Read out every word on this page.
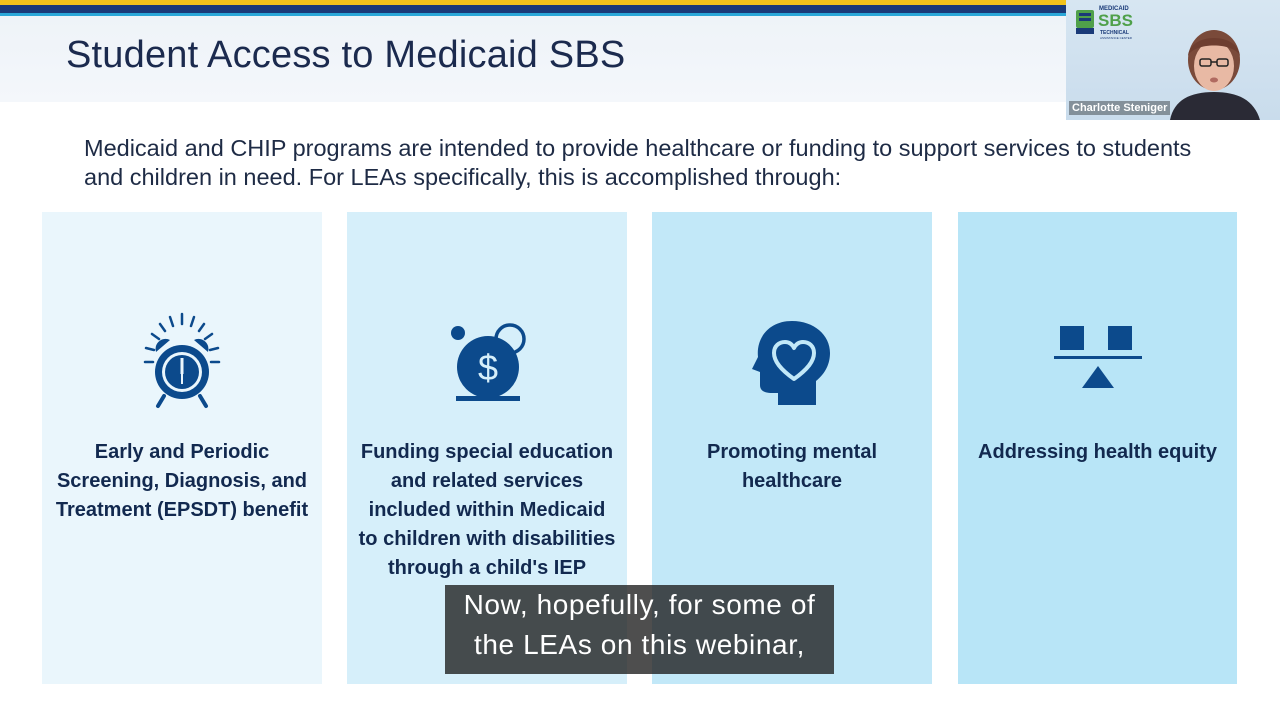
Student Access to Medicaid SBS

Medicaid and CHIP programs are intended to provide healthcare or funding to support services to students and children in need. For LEAs specifically, this is accomplished through:

Early and Periodic Screening, Diagnosis, and Treatment (EPSDT) benefit
$
Funding special education and related services included within Medicaid to children with disabilities through a child's IEP
Promoting mental healthcare
Addressing health equity
MEDICAID
SBS
TECHNICAL
ASSISTANCE CENTER
Charlotte Steniger
Now, hopefully, for some of
the LEAs on this webinar,
